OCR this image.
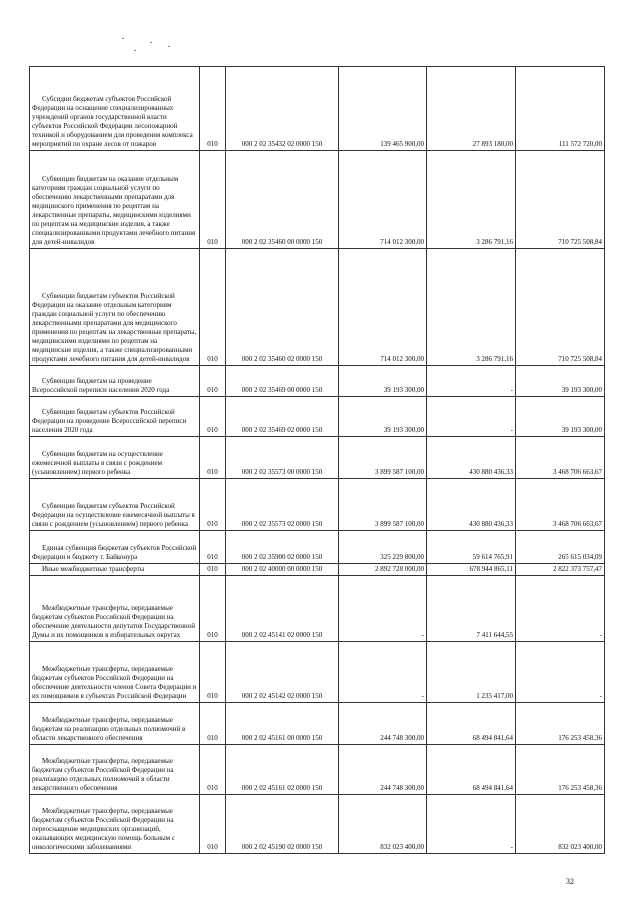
Субсидии бюджетам субъектов Российской Федерации на оснащение специализированных учреждений органов государственной власти субъектов Российской Федерации лесопожарной техникой и оборудованием для проведения комплекса мероприятий по охране лесов от пожаров	010	000 2 02 35432 02 0000 150	139 465 900,00	27 893 180,00	111 572 720,00

Субвенции бюджетам на оказание отдельным категориям граждан социальной услуги по обеспечению лекарственными препаратами для медицинского применения по рецептам на лекарственные препараты, медицинскими изделиями по рецептам на медицинские изделия, а также специализированными продуктами лечебного питания для детей-инвалидов	010	000 2 02 35460 00 0000 150	714 012 300,00	3 286 791,16	710 725 508,84

Субвенции бюджетам субъектов Российской Федерации на оказание отдельным категориям граждан социальной услуги по обеспечению лекарственными препаратами для медицинского применения по рецептам на лекарственные препараты, медицинскими изделиями по рецептам на медицинские изделия, а также специализированными продуктами лечебного питания для детей-инвалидов	010	000 2 02 35460 02 0000 150	714 012 300,00	3 286 791,16	710 725 508,84

Субвенции бюджетам на проведение Всероссийской переписи населения 2020 года	010	000 2 02 35469 00 0000 150	39 193 300,00	-	39 193 300,00

Субвенции бюджетам субъектов Российской Федерации на проведение Всероссийской переписи населения 2020 года	010	000 2 02 35469 02 0000 150	39 193 300,00	-	39 193 300,00

Субвенции бюджетам на осуществление ежемесячной выплаты в связи с рождением (усыновлением) первого ребенка	010	000 2 02 35573 00 0000 150	3 899 587 100,00	430 880 436,33	3 468 706 663,67

Субвенции бюджетам субъектов Российской Федерации на осуществление ежемесячной выплаты в связи с рождением (усыновлением) первого ребенка	010	000 2 02 35573 02 0000 150	3 899 587 100,00	430 880 436,33	3 468 706 663,67

Единая субвенция бюджетам субъектов Российской Федерации и бюджету г. Байконура	010	000 2 02 35900 02 0000 150	325 229 800,00	59 614 765,91	265 615 034,09

Иные межбюджетные трансферты	010	000 2 02 40000 00 0000 150	2 892 728 000,00	678 944 865,11	2 822 373 757,47

Межбюджетные трансферты, передаваемые бюджетам субъектов Российской Федерации на обеспечение деятельности депутатов Государственной Думы и их помощников в избирательных округах	010	000 2 02 45141 02 0000 150	-	7 411 644,55	-

Межбюджетные трансферты, передаваемые бюджетам субъектов Российской Федерации на обеспечение деятельности членов Совета Федерации и их помощников в субъектах Российской Федерации	010	000 2 02 45142 02 0000 150	-	1 235 417,00	-

Межбюджетные трансферты, передаваемые бюджетам на реализацию отдельных полномочий в области лекарственного обеспечения	010	000 2 02 45161 00 0000 150	244 748 300,00	68 494 841,64	176 253 458,36

Межбюджетные трансферты, передаваемые бюджетам субъектов Российской Федерации на реализацию отдельных полномочий в области лекарственного обеспечения	010	000 2 02 45161 02 0000 150	244 748 300,00	68 494 841,64	176 253 458,36

Межбюджетные трансферты, передаваемые бюджетам субъектов Российской Федерации на переоснащение медицинских организаций, оказывающих медицинскую помощь больным с онкологическими заболеваниями	010	000 2 02 45190 02 0000 150	832 023 400,00	-	832 023 400,00
32
